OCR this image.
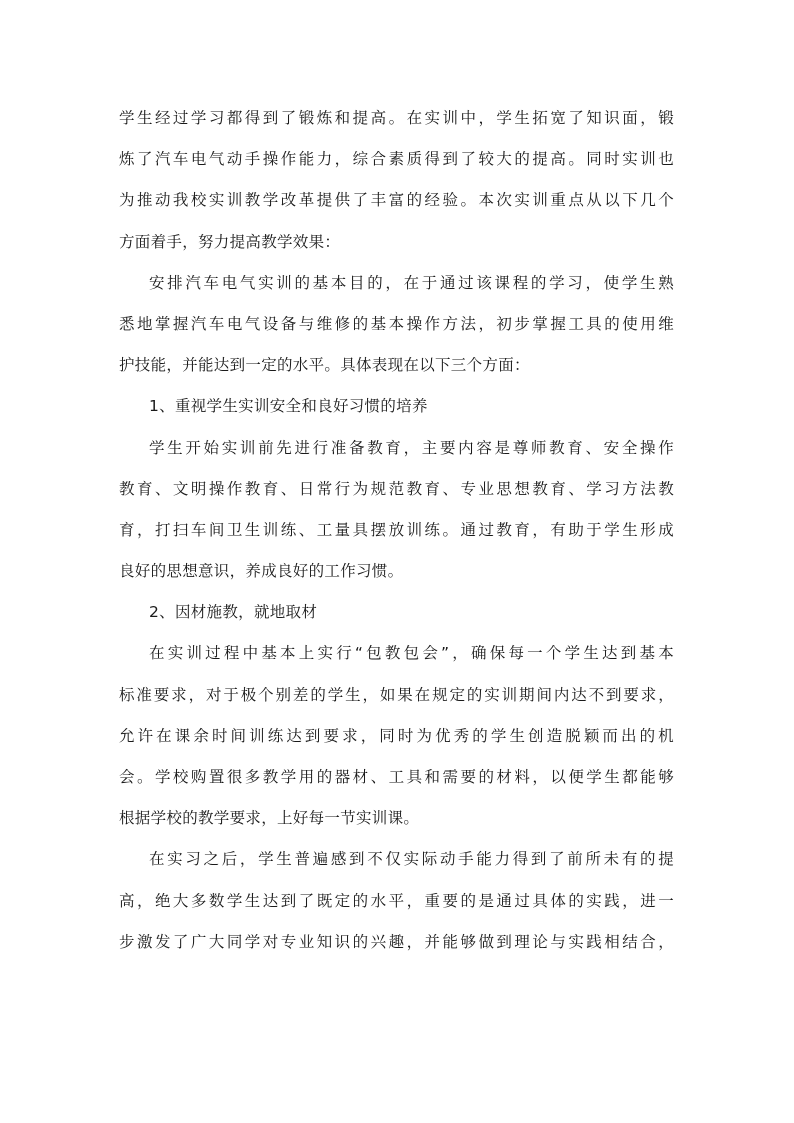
学生经过学习都得到了锻炼和提高。在实训中，学生拓宽了知识面，锻
炼了汽车电气动手操作能力，综合素质得到了较大的提高。同时实训也
为推动我校实训教学改革提供了丰富的经验。本次实训重点从以下几个
方面着手，努力提高教学效果：
安排汽车电气实训的基本目的，在于通过该课程的学习，使学生熟
悉地掌握汽车电气设备与维修的基本操作方法，初步掌握工具的使用维
护技能，并能达到一定的水平。具体表现在以下三个方面：
1、重视学生实训安全和良好习惯的培养
学生开始实训前先进行准备教育，主要内容是尊师教育、安全操作
教育、文明操作教育、日常行为规范教育、专业思想教育、学习方法教
育，打扫车间卫生训练、工量具摆放训练。通过教育，有助于学生形成
良好的思想意识，养成良好的工作习惯。
2、因材施教，就地取材
在实训过程中基本上实行“包教包会”，确保每一个学生达到基本
标准要求，对于极个别差的学生，如果在规定的实训期间内达不到要求，
允许在课余时间训练达到要求，同时为优秀的学生创造脱颖而出的机
会。学校购置很多教学用的器材、工具和需要的材料，以便学生都能够
根据学校的教学要求，上好每一节实训课。
在实习之后，学生普遍感到不仅实际动手能力得到了前所未有的提
高，绝大多数学生达到了既定的水平，重要的是通过具体的实践，进一
步激发了广大同学对专业知识的兴趣，并能够做到理论与实践相结合，
